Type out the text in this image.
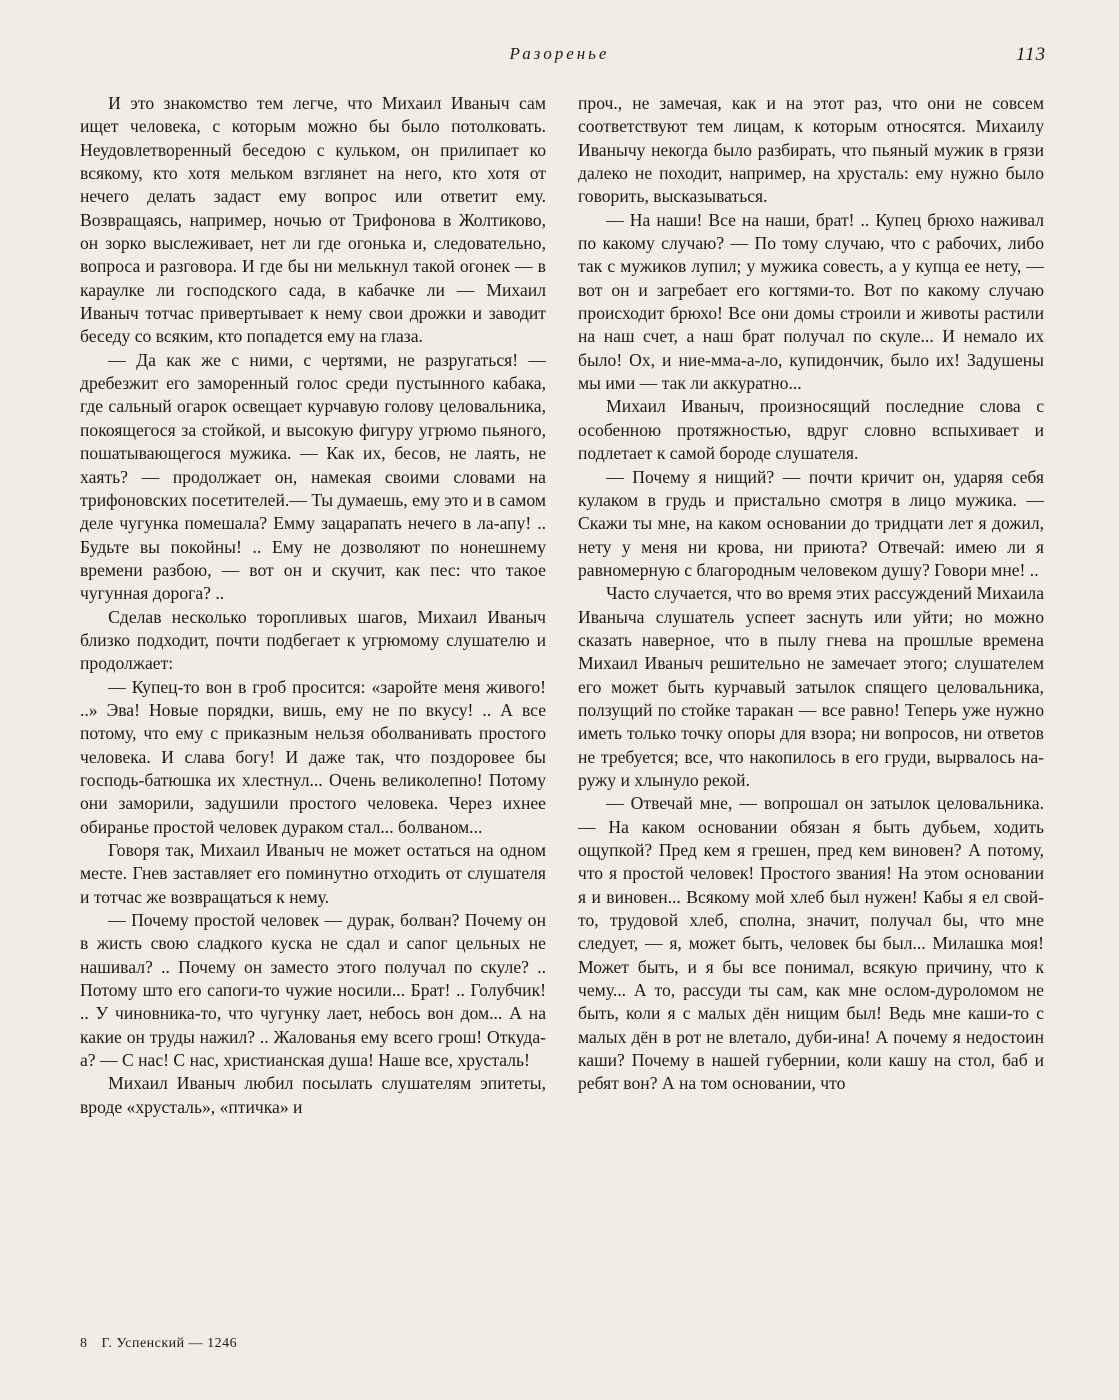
Разоренье	113

И это знакомство тем легче, что Михаил Иваныч сам ищет человека, с которым можно бы было потолковать. Неудовлетворенный беседою с кульком, он прилипает ко всякому, кто хотя мельком взглянет на него, кто хотя от нечего делать задаст ему вопрос или ответит ему. Возвращаясь, например, ночью от Трифонова в Жолтиково, он зорко выслеживает, нет ли где огонька и, следовательно, вопроса и разговора. И где бы ни мелькнул такой огонек — в караулке ли господского сада, в кабачке ли — Михаил Иваныч тотчас привертывает к нему свои дрожки и заводит беседу со всяким, кто попадется ему на глаза.

— Да как же с ними, с чертями, не разругаться! — дребезжит его заморенный голос среди пустынного кабака, где сальный огарок освещает курчавую голову целовальника, покоящегося за стойкой, и высокую фигуру угрюмо пьяного, пошатывающегося мужика. — Как их, бесов, не лаять, не хаять? — продолжает он, намекая своими словами на трифоновских посетителей.— Ты думаешь, ему это и в самом деле чугунка помешала? Емму зацарапать нечего в ла-апу! .. Будьте вы покойны! .. Ему не дозволяют по нонешнему времени разбою, — вот он и скучит, как пес: что такое чугунная дорога? ..

Сделав несколько торопливых шагов, Михаил Иваныч близко подходит, почти подбегает к угрюмому слушателю и продолжает:

— Купец-то вон в гроб просится: «заройте меня живого! ..» Эва! Новые порядки, вишь, ему не по вкусу! .. А все потому, что ему с приказным нельзя оболванивать простого человека. И слава богу! И даже так, что поздоровее бы господь-батюшка их хлестнул... Очень великолепно! Потому они заморили, задушили простого человека. Через ихнее обиранье простой человек дураком стал... болваном...

Говоря так, Михаил Иваныч не может остаться на одном месте. Гнев заставляет его поминутно отходить от слушателя и тотчас же возвращаться к нему.

— Почему простой человек — дурак, болван? Почему он в жисть свою сладкого куска не сдал и сапог цельных не нашивал? .. Почему он заместо этого получал по скуле? .. Потому што его сапоги-то чужие носили... Брат! .. Голубчик! .. У чиновника-то, что чугунку лает, небось вон дом... А на какие он труды нажил? .. Жалованья ему всего грош! Откуда-а? — С нас! С нас, христианская душа! Наше все, хрусталь!

Михаил Иваныч любил посылать слушателям эпитеты, вроде «хрусталь», «птичка» и

проч., не замечая, как и на этот раз, что они не совсем соответствуют тем лицам, к которым относятся. Михаилу Иванычу некогда было разбирать, что пьяный мужик в грязи далеко не походит, например, на хрусталь: ему нужно было говорить, высказываться.

— На наши! Все на наши, брат! .. Купец брюхо наживал по какому случаю? — По тому случаю, что с рабочих, либо так с мужиков лупил; у мужика совесть, а у купца ее нету, — вот он и загребает его когтями-то. Вот по какому случаю происходит брюхо! Все они домы строили и животы растили на наш счет, а наш брат получал по скуле... И немало их было! Ох, и ние-мма-а-ло, купидончик, было их! Задушены мы ими — так ли аккуратно...

Михаил Иваныч, произносящий последние слова с особенною протяжностью, вдруг словно вспыхивает и подлетает к самой бороде слушателя.

— Почему я нищий? — почти кричит он, ударяя себя кулаком в грудь и пристально смотря в лицо мужика. — Скажи ты мне, на каком основании до тридцати лет я дожил, нету у меня ни крова, ни приюта? Отвечай: имею ли я равномерную с благородным человеком душу? Говори мне! ..

Часто случается, что во время этих рассуждений Михаила Иваныча слушатель успеет заснуть или уйти; но можно сказать наверное, что в пылу гнева на прошлые времена Михаил Иваныч решительно не замечает этого; слушателем его может быть курчавый затылок спящего целовальника, ползущий по стойке таракан — все равно! Теперь уже нужно иметь только точку опоры для взора; ни вопросов, ни ответов не требуется; все, что накопилось в его груди, вырвалось наружу и хлынуло рекой.

— Отвечай мне, — вопрошал он затылок целовальника. — На каком основании обязан я быть дубьем, ходить ощупкой? Пред кем я грешен, пред кем виновен? А потому, что я простой человек! Простого звания! На этом основании я и виновен... Всякому мой хлеб был нужен! Кабы я ел свой-то, трудовой хлеб, сполна, значит, получал бы, что мне следует, — я, может быть, человек бы был... Милашка моя! Может быть, и я бы все понимал, всякую причину, что к чему... А то, рассуди ты сам, как мне ослом-дуроломом не быть, коли я с малых дён нищим был! Ведь мне каши-то с малых дён в рот не влетало, дуби-ина! А почему я недостоин каши? Почему в нашей губернии, коли кашу на стол, баб и ребят вон? А на том основании, что

8 Г. Успенский — 1246
